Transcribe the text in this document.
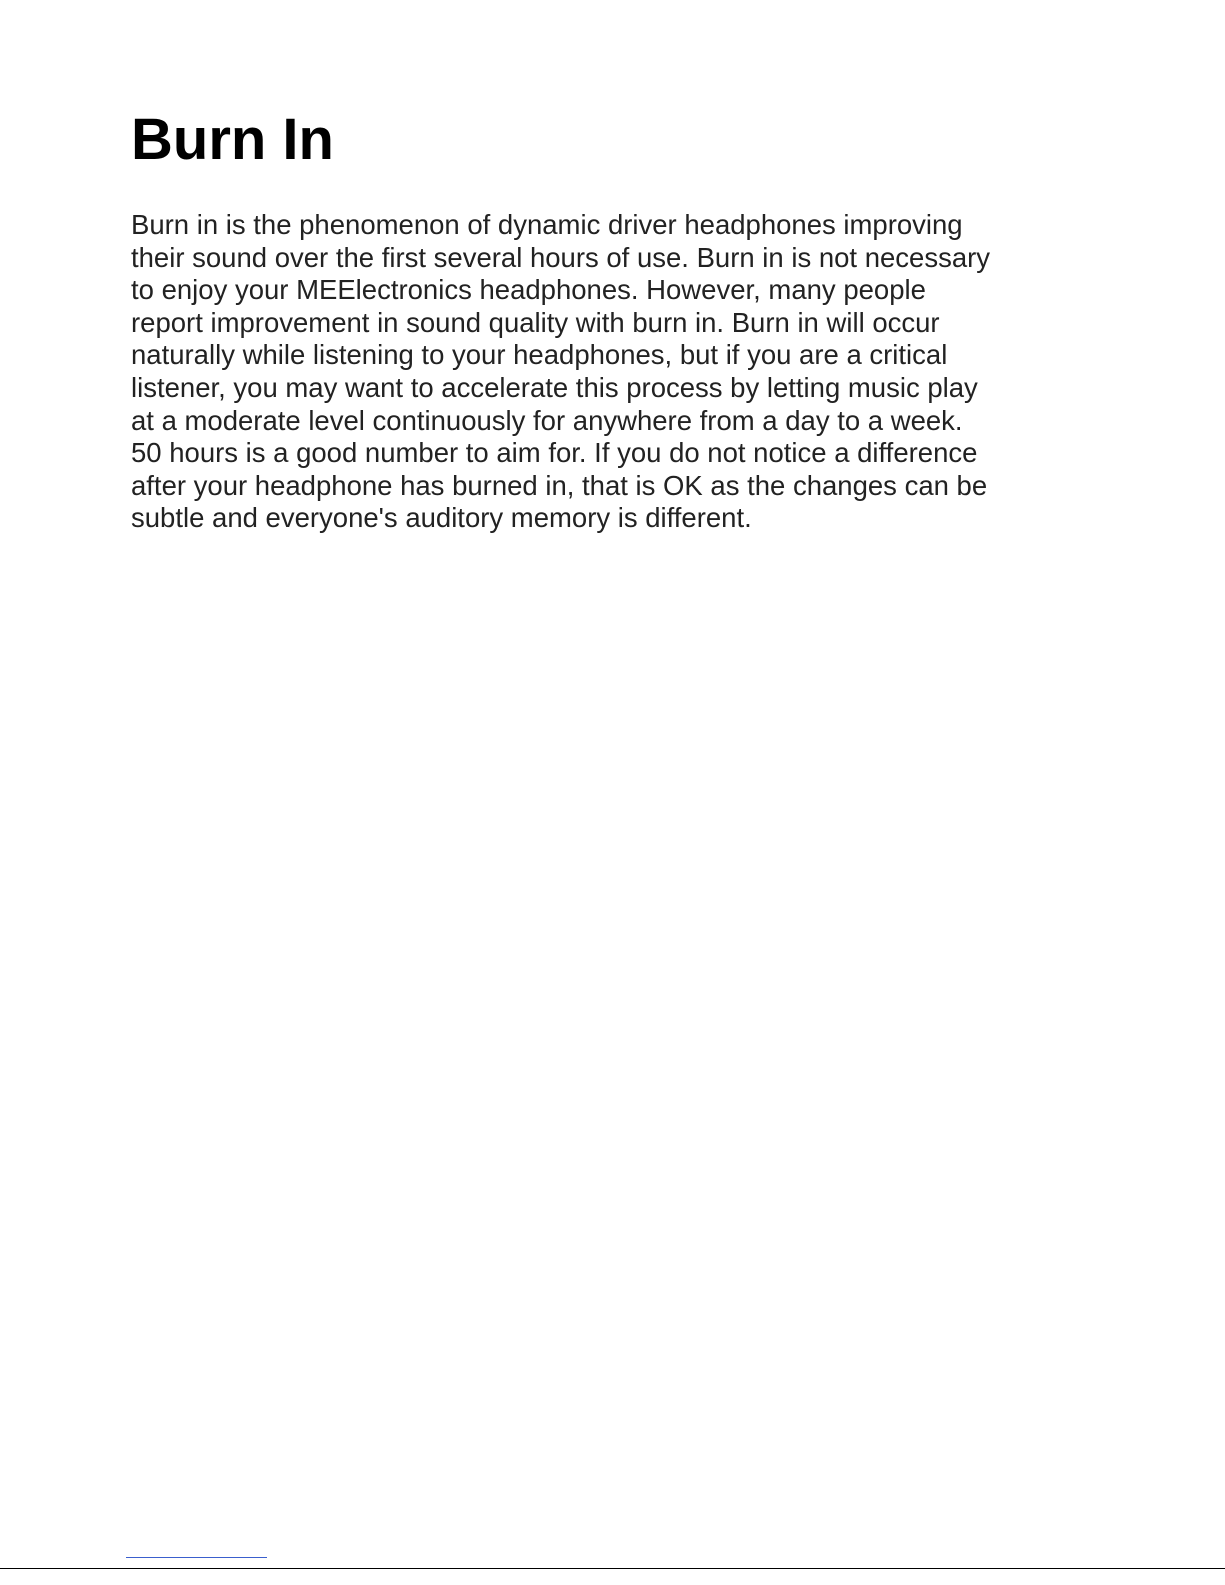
Burn In

Burn in is the phenomenon of dynamic driver headphones improving
their sound over the first several hours of use. Burn in is not necessary
to enjoy your MEElectronics headphones. However, many people
report improvement in sound quality with burn in. Burn in will occur
naturally while listening to your headphones, but if you are a critical
listener, you may want to accelerate this process by letting music play
at a moderate level continuously for anywhere from a day to a week.
50 hours is a good number to aim for. If you do not notice a difference
after your headphone has burned in, that is OK as the changes can be
subtle and everyone's auditory memory is different.
